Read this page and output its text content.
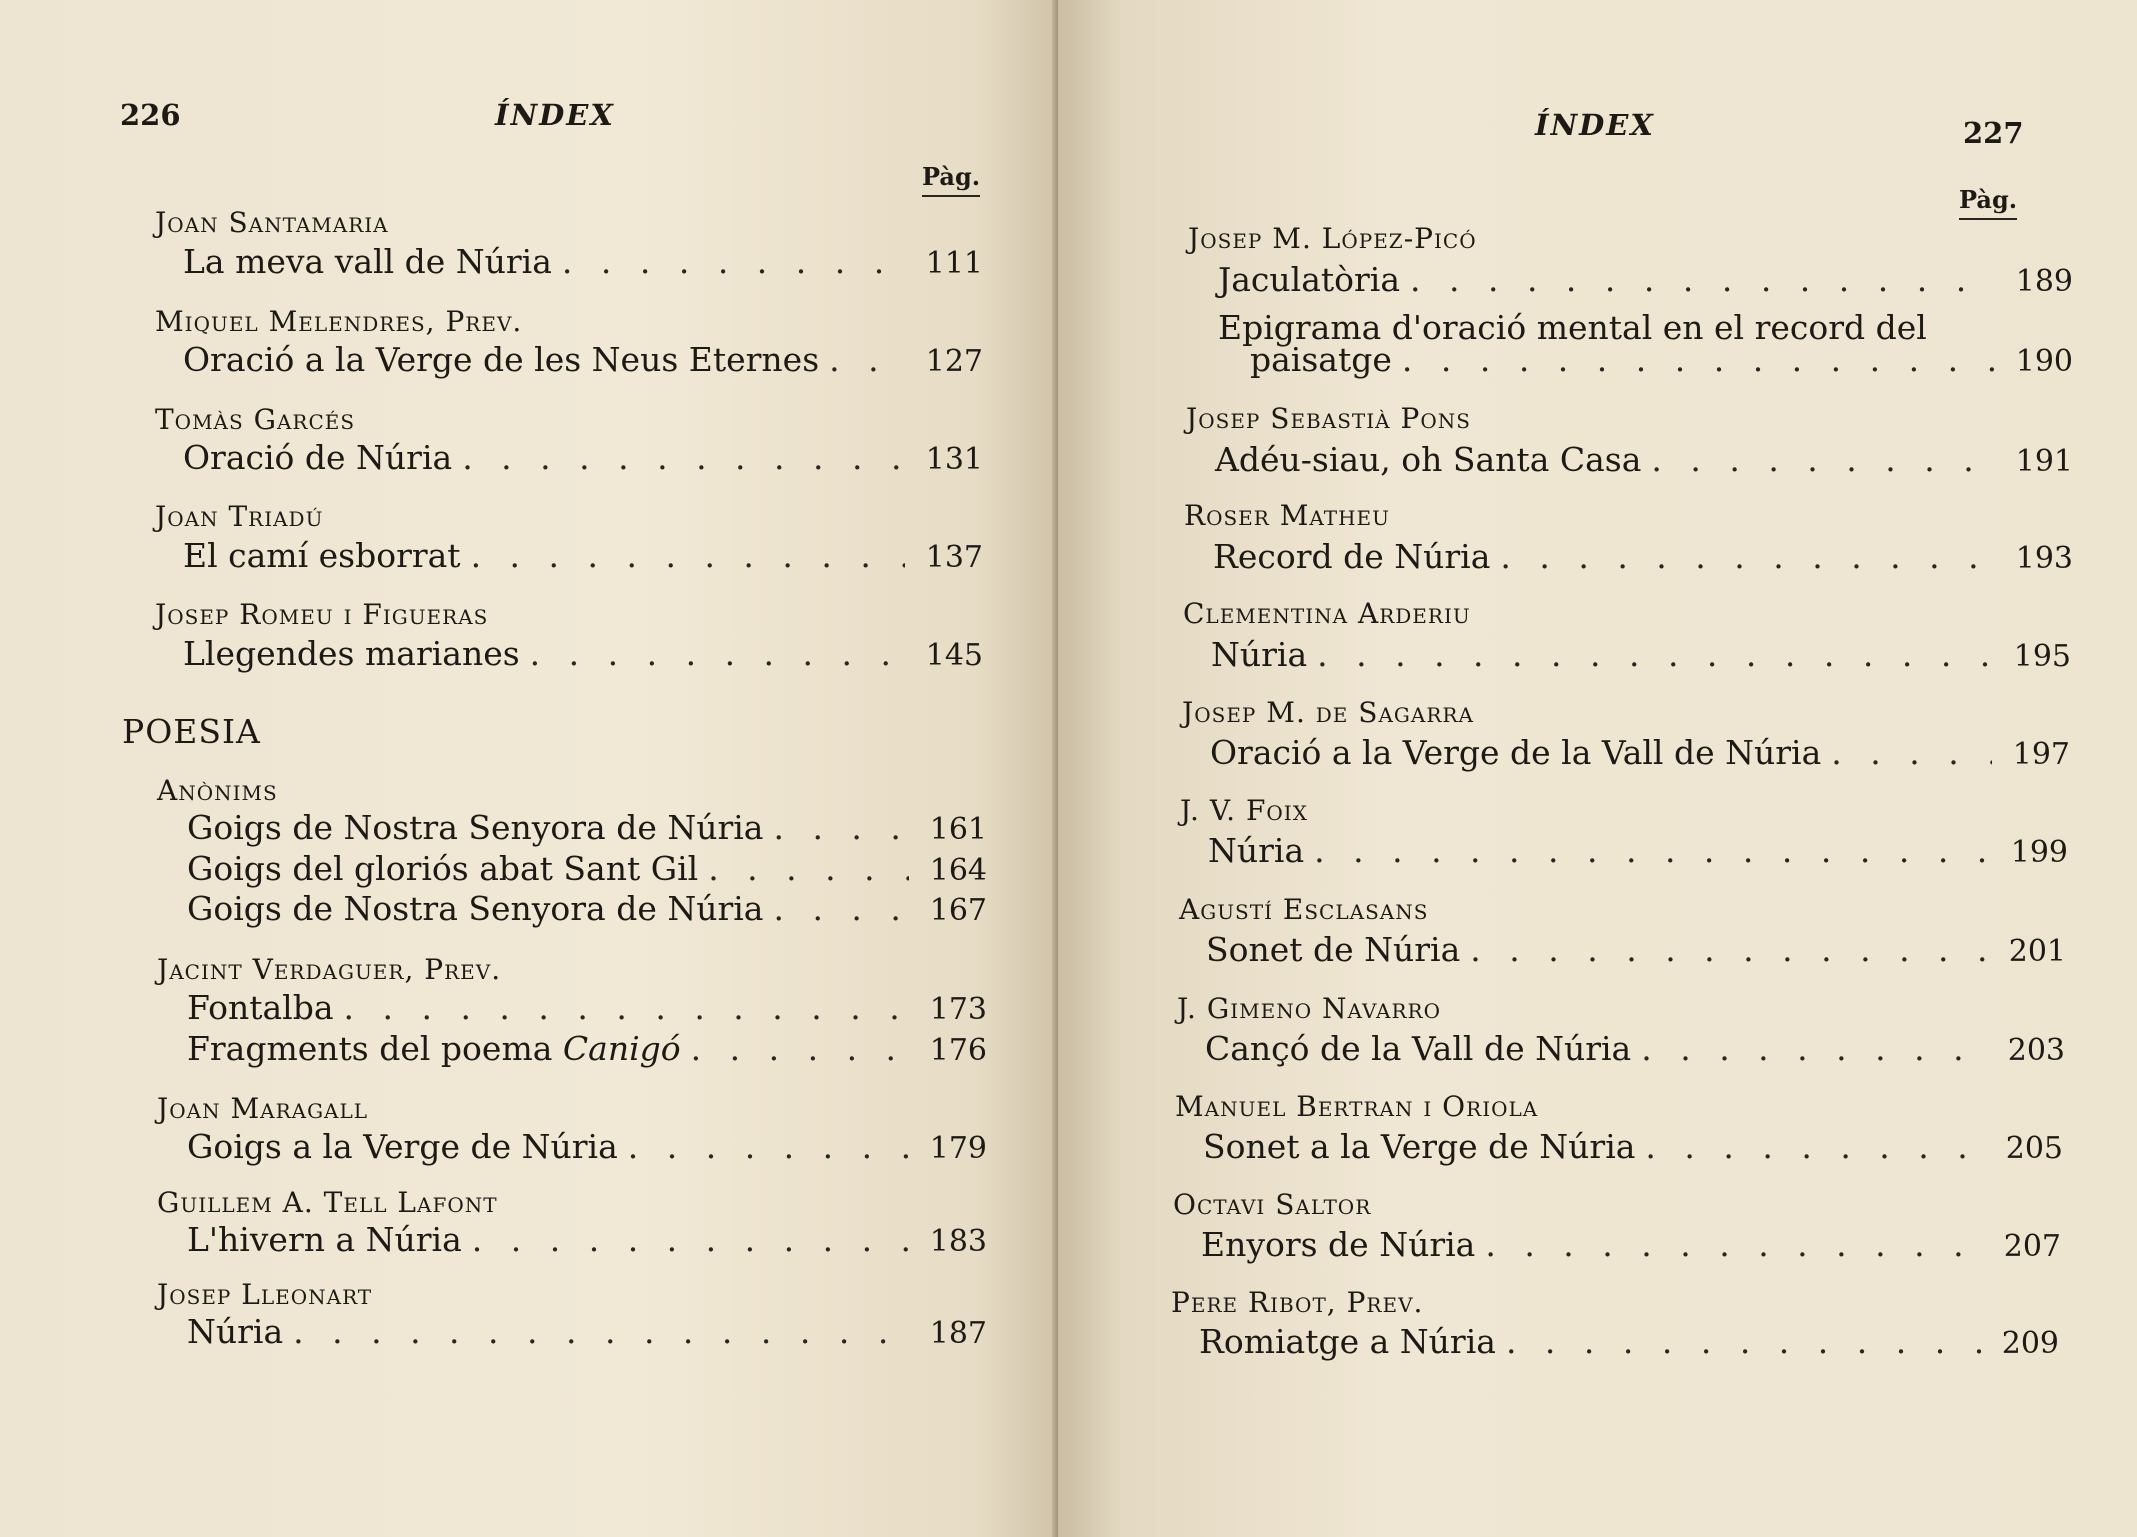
226	ÍNDEX
Pàg.
Joan Santamaria
La meva vall de Núria . . .	111
Miquel Melendres, Prev.
Oració a la Verge de les Neus Eternes . . .	127
Tomàs Garcés
Oració de Núria . . .	131
Joan Triadú
El camí esborrat . . .	137
Josep Romeu i Figueras
Llegendes marianes . . .	145
POESIA
Anònims
Goigs de Nostra Senyora de Núria . . .	161
Goigs del gloriós abat Sant Gil . . .	164
Goigs de Nostra Senyora de Núria . . .	167
Jacint Verdaguer, Prev.
Fontalba . . .	173
Fragments del poema Canigó . . .	176
Joan Maragall
Goigs a la Verge de Núria . . .	179
Guillem A. Tell Lafont
L'hivern a Núria . . .	183
Josep Lleonart
Núria . . .	187
ÍNDEX	227
Pàg.
Josep M. López-Picó
Jaculatòria . . .	189
Epigrama d'oració mental en el record del
paisatge . . .	190
Josep Sebastià Pons
Adéu-siau, oh Santa Casa . . .	191
Roser Matheu
Record de Núria . . .	193
Clementina Arderiu
Núria . . .	195
Josep M. de Sagarra
Oració a la Verge de la Vall de Núria . . .	197
J. V. Foix
Núria . . .	199
Agustí Esclasans
Sonet de Núria . . .	201
J. Gimeno Navarro
Cançó de la Vall de Núria . . .	203
Manuel Bertran i Oriola
Sonet a la Verge de Núria . . .	205
Octavi Saltor
Enyors de Núria . . .	207
Pere Ribot, Prev.
Romiatge a Núria . . .	209
